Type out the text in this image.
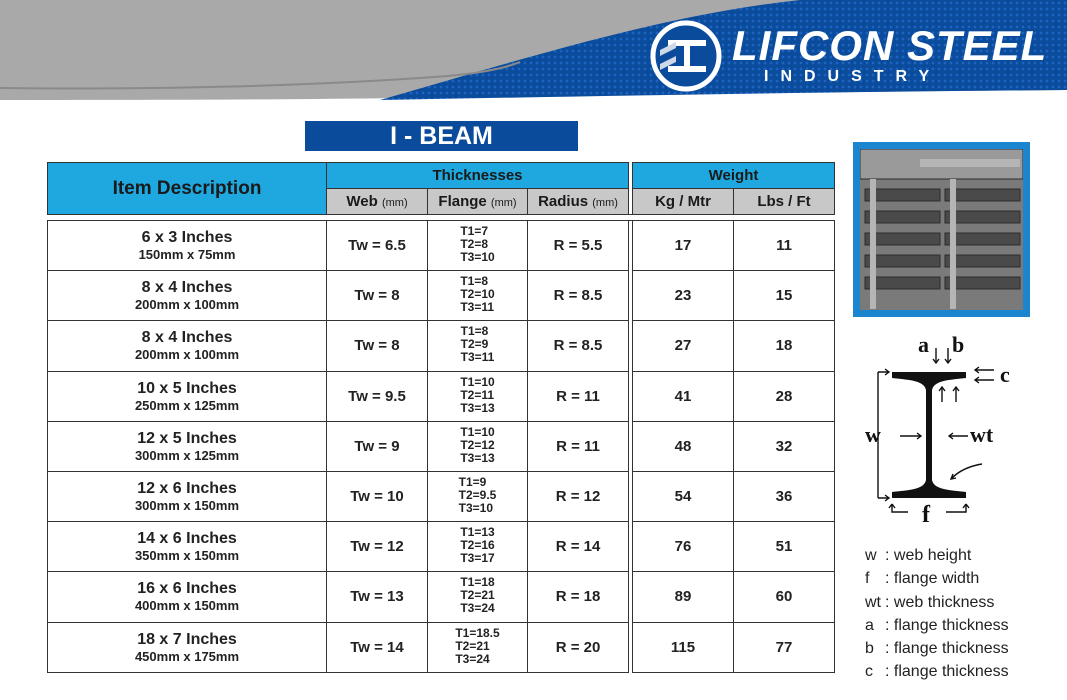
LIFCON STEEL
INDUSTRY
I - BEAM
Item Description	Thicknesses				Weight	
	Web (mm)	Flange (mm)	Radius (mm)		Kg / Mtr	Lbs / Ft

6 x 3 Inches
150mm x 75mm	Tw = 6.5	T1=7
T2=8
T3=10	R = 5.5		17	11

8 x 4 Inches
200mm x 100mm	Tw = 8	T1=8
T2=10
T3=11	R = 8.5		23	15

8 x 4 Inches
200mm x 100mm	Tw = 8	T1=8
T2=9
T3=11	R = 8.5		27	18

10 x 5 Inches
250mm x 125mm	Tw = 9.5	T1=10
T2=11
T3=13	R = 11		41	28

12 x 5 Inches
300mm x 125mm	Tw = 9	T1=10
T2=12
T3=13	R = 11		48	32

12 x 6 Inches
300mm x 150mm	Tw = 10	T1=9
T2=9.5
T3=10	R = 12		54	36

14 x 6 Inches
350mm x 150mm	Tw = 12	T1=13
T2=16
T3=17	R = 14		76	51

16 x 6 Inches
400mm x 150mm	Tw = 13	T1=18
T2=21
T3=24	R = 18		89	60

18 x 7 Inches
450mm x 175mm	Tw = 14	T1=18.5
T2=21
T3=24	R = 20		115	77
a b
c
w	wt
f
w : web height
f : flange width
wt : web thickness
a : flange thickness
b : flange thickness
c : flange thickness
